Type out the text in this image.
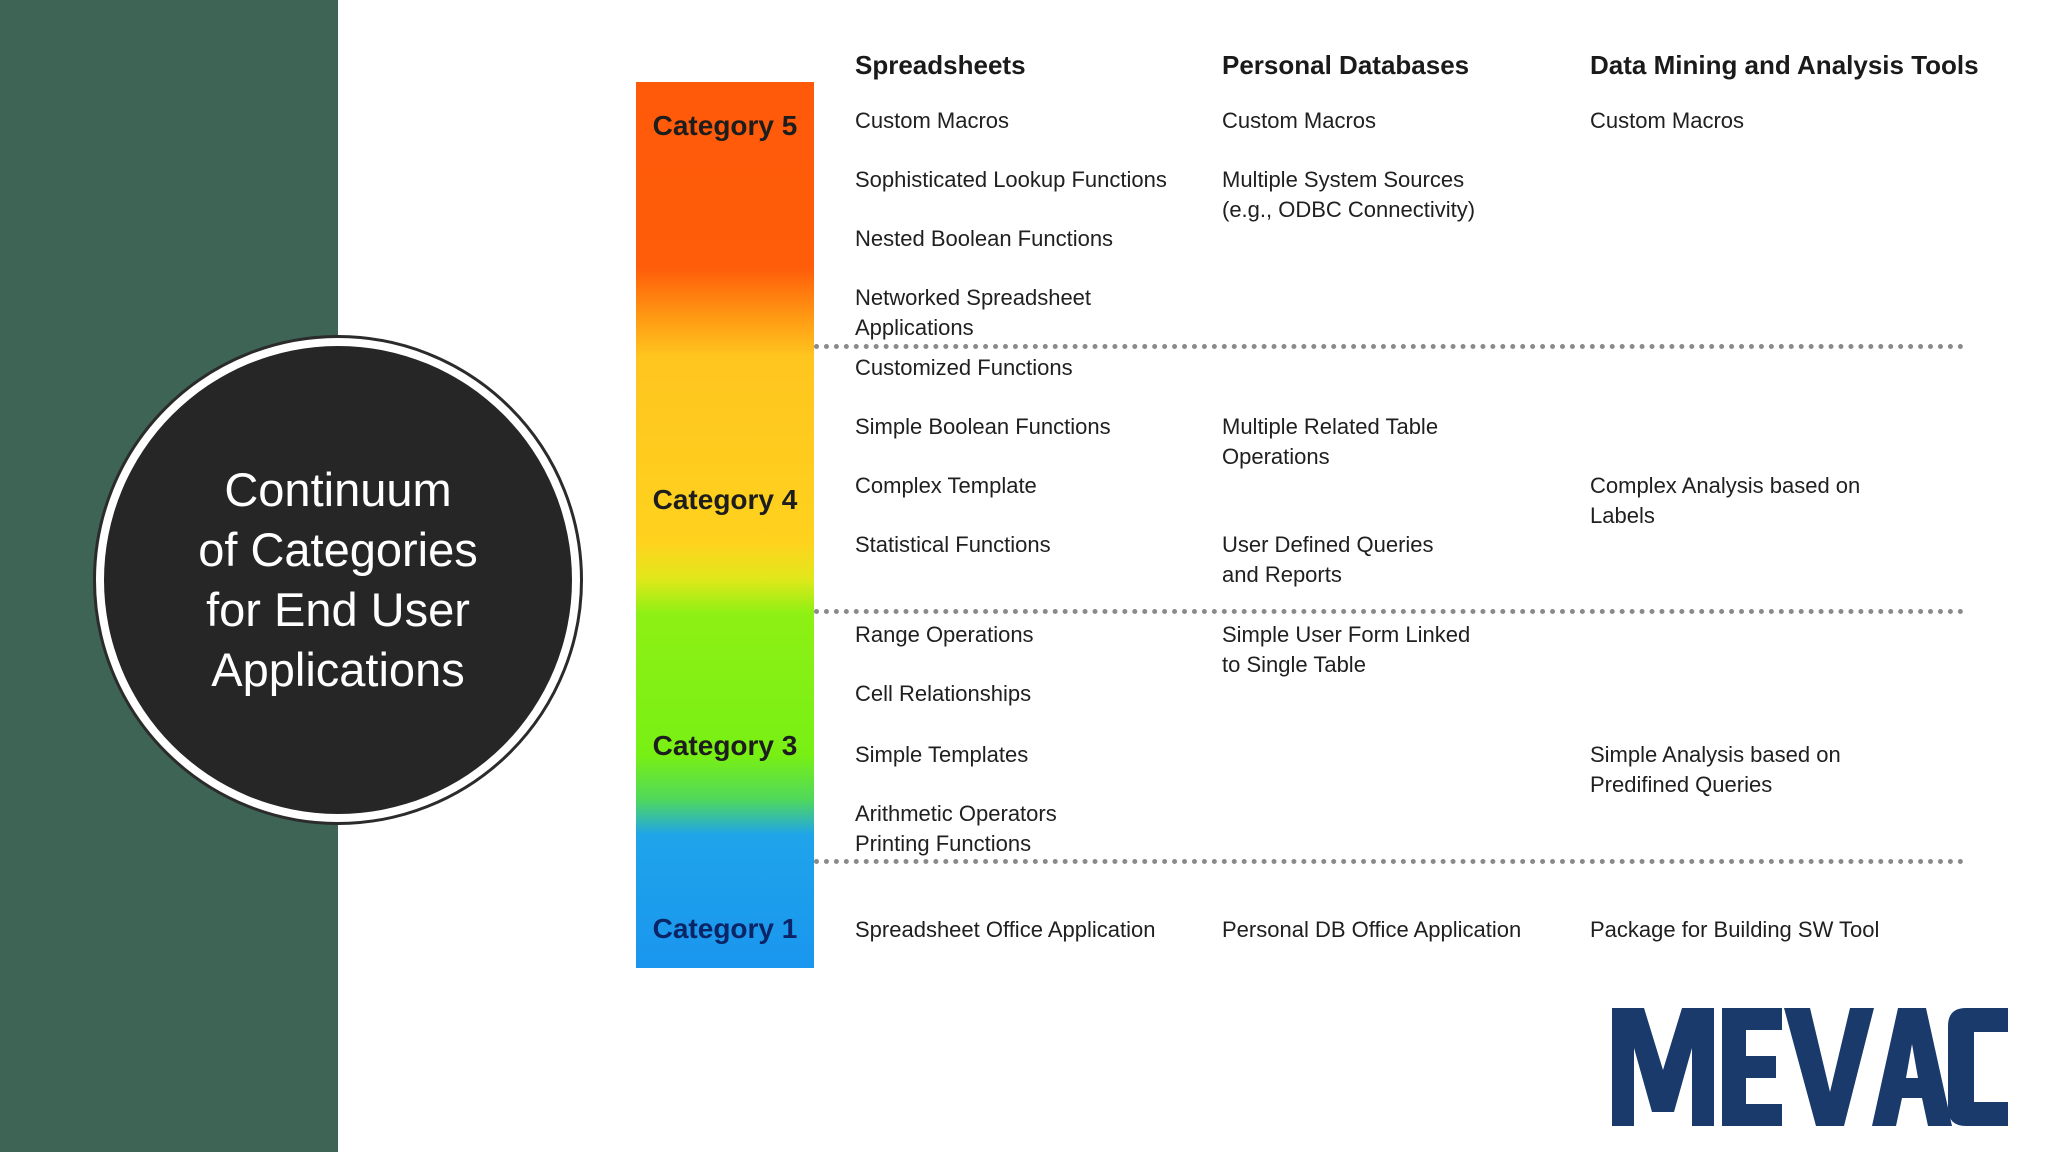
Continuum
of Categories
for End User
Applications
Category 5
Category 4
Category 3
Category 1
Spreadsheets	Personal Databases	Data Mining and Analysis Tools
Custom Macros
Sophisticated Lookup Functions
Nested Boolean Functions
Networked Spreadsheet
Applications
Customized Functions
Simple Boolean Functions
Complex Template
Statistical Functions
Range Operations
Cell Relationships
Simple Templates
Arithmetic Operators
Printing Functions
Spreadsheet Office Application
Custom Macros
Multiple System Sources
(e.g., ODBC Connectivity)
Multiple Related Table
Operations
User Defined Queries
and Reports
Simple User Form Linked
to Single Table
Personal DB Office Application
Custom Macros
Complex Analysis based on
Labels
Simple Analysis based on
Predifined Queries
Package for Building SW Tool
